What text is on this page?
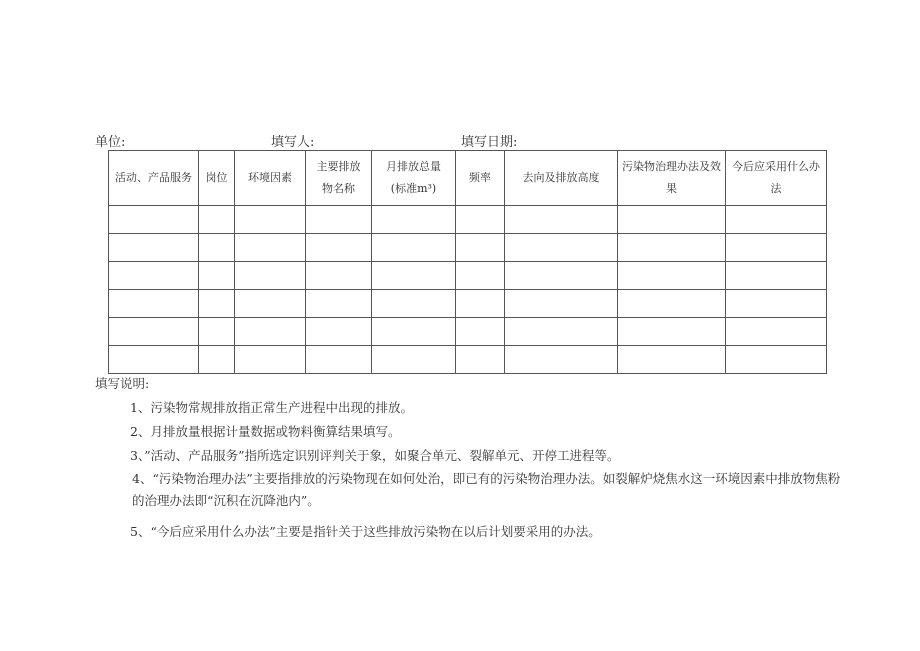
单位:	填写人:	填写日期:
活动、产品服务	岗位	环境因素	主要排放物名称	月排放总量(标准m³)	频率	去向及排放高度	污染物治理办法及效果	今后应采用什么办法

填写说明:
1、污染物常规排放指正常生产进程中出现的排放。
2、月排放量根据计量数据或物料衡算结果填写。
3、”活动、产品服务”指所选定识别评判关于象，如聚合单元、裂解单元、开停工进程等。
4、“污染物治理办法”主要指排放的污染物现在如何处治，即已有的污染物治理办法。如裂解炉烧焦水这一环境因素中排放物焦粉的治理办法即“沉积在沉降池内”。
5、“今后应采用什么办法”主要是指针关于这些排放污染物在以后计划要采用的办法。
